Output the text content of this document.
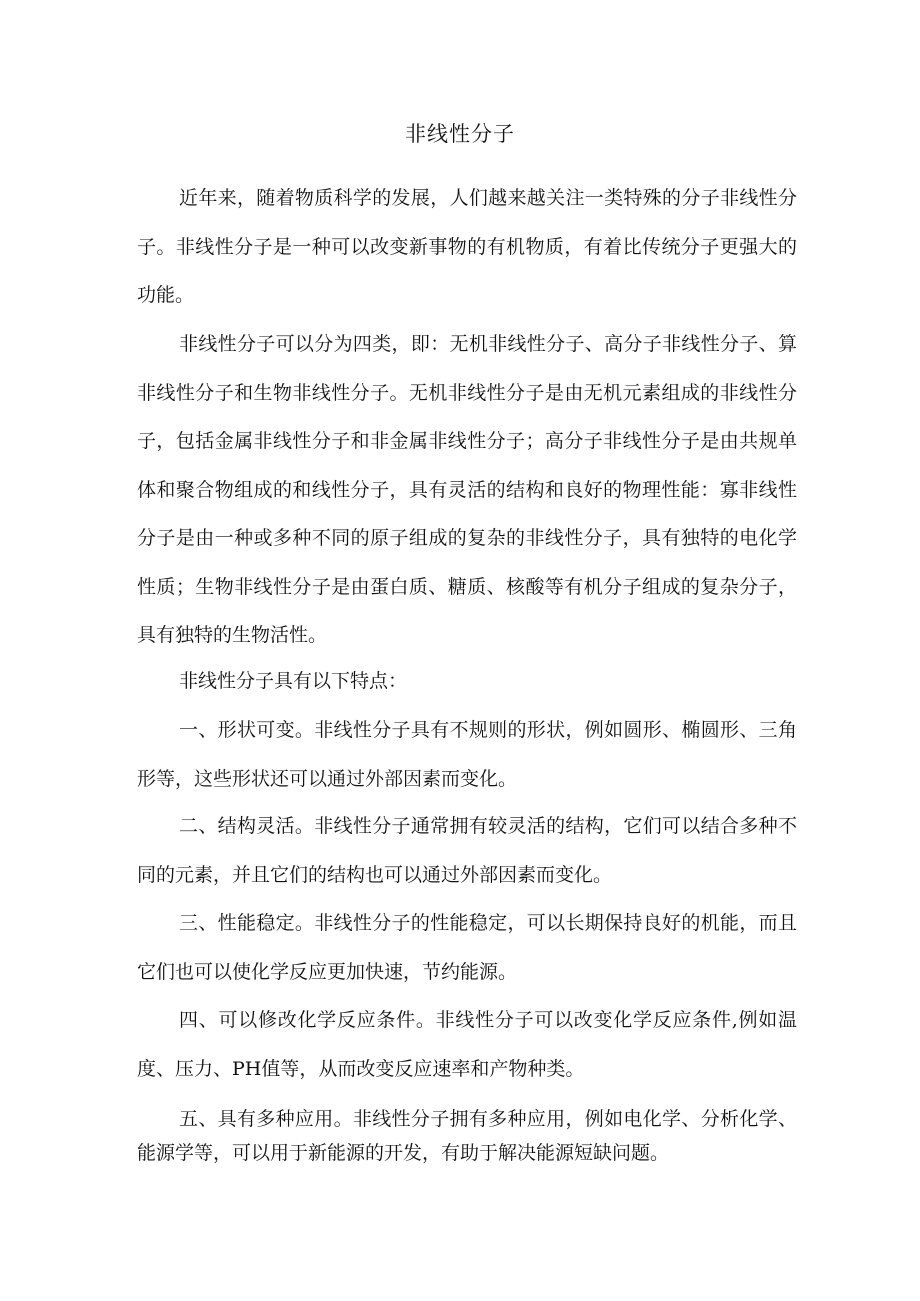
非线性分子

近年来，随着物质科学的发展，人们越来越关注一类特殊的分子非线性分子。非线性分子是一种可以改变新事物的有机物质，有着比传统分子更强大的功能。

非线性分子可以分为四类，即：无机非线性分子、高分子非线性分子、算非线性分子和生物非线性分子。无机非线性分子是由无机元素组成的非线性分子，包括金属非线性分子和非金属非线性分子；高分子非线性分子是由共规单体和聚合物组成的和线性分子，具有灵活的结构和良好的物理性能：寡非线性分子是由一种或多种不同的原子组成的复杂的非线性分子，具有独特的电化学性质；生物非线性分子是由蛋白质、糖质、核酸等有机分子组成的复杂分子，具有独特的生物活性。

非线性分子具有以下特点：

一、形状可变。非线性分子具有不规则的形状，例如圆形、椭圆形、三角形等，这些形状还可以通过外部因素而变化。

二、结构灵活。非线性分子通常拥有较灵活的结构，它们可以结合多种不同的元素，并且它们的结构也可以通过外部因素而变化。

三、性能稳定。非线性分子的性能稳定，可以长期保持良好的机能，而且它们也可以使化学反应更加快速，节约能源。

四、可以修改化学反应条件。非线性分子可以改变化学反应条件,例如温度、压力、PH值等，从而改变反应速率和产物种类。

五、具有多种应用。非线性分子拥有多种应用，例如电化学、分析化学、能源学等，可以用于新能源的开发，有助于解决能源短缺问题。
